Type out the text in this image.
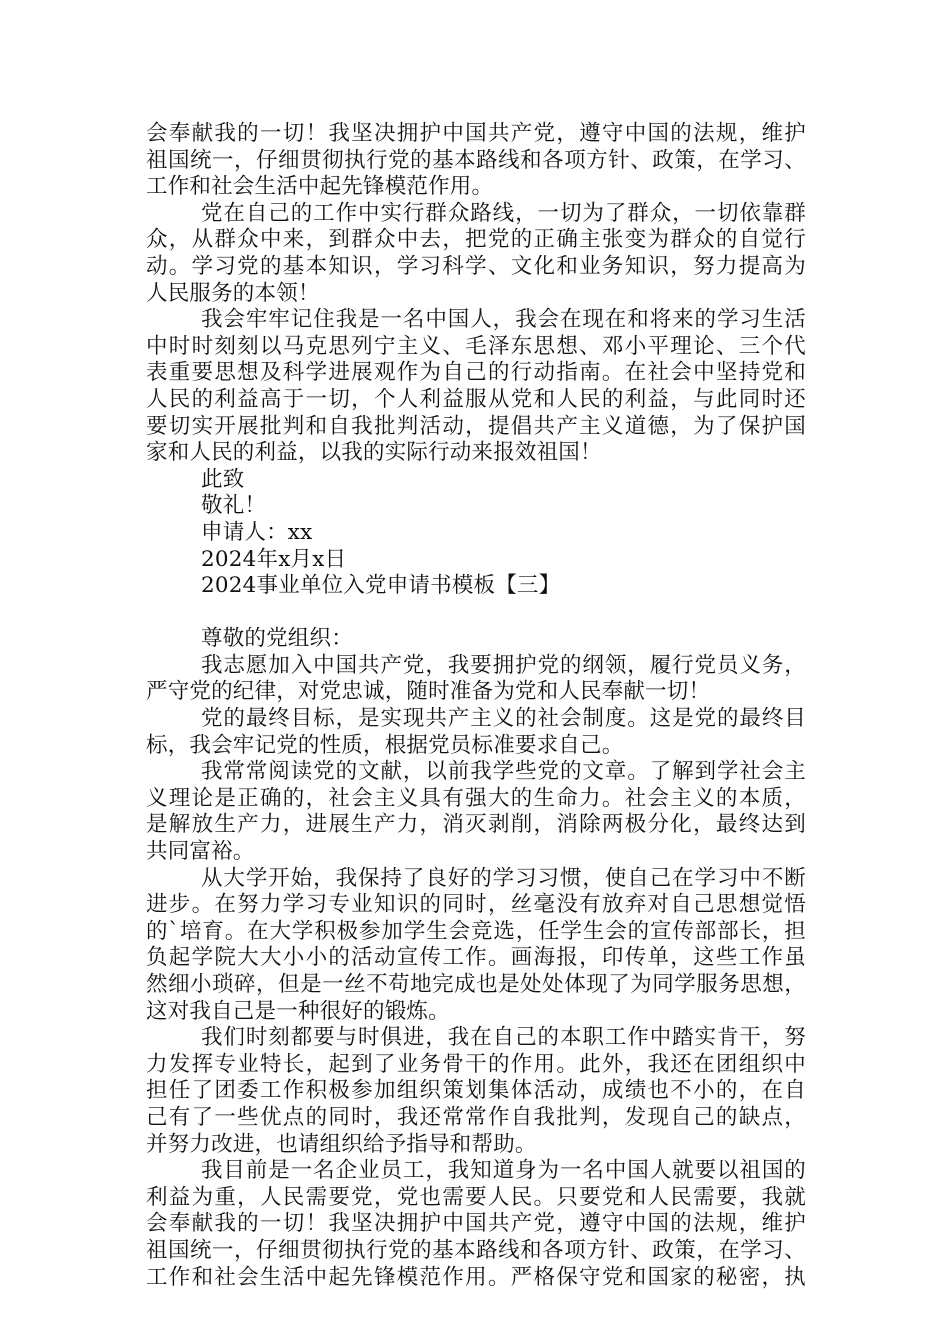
会奉献我的一切！我坚决拥护中国共产党，遵守中国的法规，维护
祖国统一，仔细贯彻执行党的基本路线和各项方针、政策，在学习、
工作和社会生活中起先锋模范作用。
党在自己的工作中实行群众路线，一切为了群众，一切依靠群
众，从群众中来，到群众中去，把党的正确主张变为群众的自觉行
动。学习党的基本知识，学习科学、文化和业务知识，努力提高为
人民服务的本领！
我会牢牢记住我是一名中国人，我会在现在和将来的学习生活
中时时刻刻以马克思列宁主义、毛泽东思想、邓小平理论、三个代
表重要思想及科学进展观作为自己的行动指南。在社会中坚持党和
人民的利益高于一切，个人利益服从党和人民的利益，与此同时还
要切实开展批判和自我批判活动，提倡共产主义道德，为了保护国
家和人民的利益，以我的实际行动来报效祖国！
此致
敬礼！
申请人：xx
2024年x月x日
2024事业单位入党申请书模板【三】
尊敬的党组织：
我志愿加入中国共产党，我要拥护党的纲领，履行党员义务，
严守党的纪律，对党忠诚，随时准备为党和人民奉献一切！
党的最终目标，是实现共产主义的社会制度。这是党的最终目
标，我会牢记党的性质，根据党员标准要求自己。
我常常阅读党的文献，以前我学些党的文章。了解到学社会主
义理论是正确的，社会主义具有强大的生命力。社会主义的本质，
是解放生产力，进展生产力，消灭剥削，消除两极分化，最终达到
共同富裕。
从大学开始，我保持了良好的学习习惯，使自己在学习中不断
进步。在努力学习专业知识的同时，丝毫没有放弃对自己思想觉悟
的`培育。在大学积极参加学生会竞选，任学生会的宣传部部长，担
负起学院大大小小的活动宣传工作。画海报，印传单，这些工作虽
然细小琐碎，但是一丝不苟地完成也是处处体现了为同学服务思想，
这对我自己是一种很好的锻炼。
我们时刻都要与时俱进，我在自己的本职工作中踏实肯干，努
力发挥专业特长，起到了业务骨干的作用。此外，我还在团组织中
担任了团委工作积极参加组织策划集体活动，成绩也不小的，在自
己有了一些优点的同时，我还常常作自我批判，发现自己的缺点，
并努力改进，也请组织给予指导和帮助。
我目前是一名企业员工，我知道身为一名中国人就要以祖国的
利益为重，人民需要党，党也需要人民。只要党和人民需要，我就
会奉献我的一切！我坚决拥护中国共产党，遵守中国的法规，维护
祖国统一，仔细贯彻执行党的基本路线和各项方针、政策，在学习、
工作和社会生活中起先锋模范作用。严格保守党和国家的秘密，执
